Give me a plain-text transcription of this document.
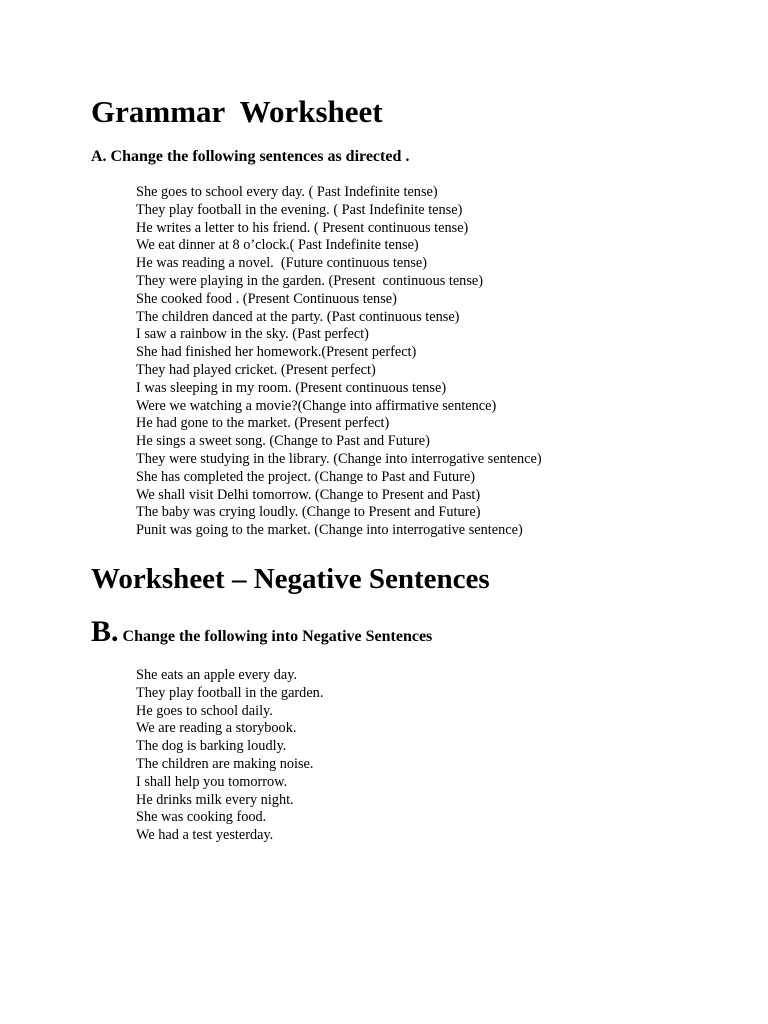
Grammar  Worksheet
A. Change the following sentences as directed .
She goes to school every day. ( Past Indefinite tense)
They play football in the evening. ( Past Indefinite tense)
He writes a letter to his friend. ( Present continuous tense)
We eat dinner at 8 o’clock.( Past Indefinite tense)
He was reading a novel.  (Future continuous tense)
They were playing in the garden. (Present  continuous tense)
She cooked food . (Present Continuous tense)
The children danced at the party. (Past continuous tense)
I saw a rainbow in the sky. (Past perfect)
She had finished her homework.(Present perfect)
They had played cricket. (Present perfect)
I was sleeping in my room. (Present continuous tense)
Were we watching a movie?(Change into affirmative sentence)
He had gone to the market. (Present perfect)
He sings a sweet song. (Change to Past and Future)
They were studying in the library. (Change into interrogative sentence)
She has completed the project. (Change to Past and Future)
We shall visit Delhi tomorrow. (Change to Present and Past)
The baby was crying loudly. (Change to Present and Future)
Punit was going to the market. (Change into interrogative sentence)
Worksheet – Negative Sentences
B. Change the following into Negative Sentences
She eats an apple every day.
They play football in the garden.
He goes to school daily.
We are reading a storybook.
The dog is barking loudly.
The children are making noise.
I shall help you tomorrow.
He drinks milk every night.
She was cooking food.
We had a test yesterday.
